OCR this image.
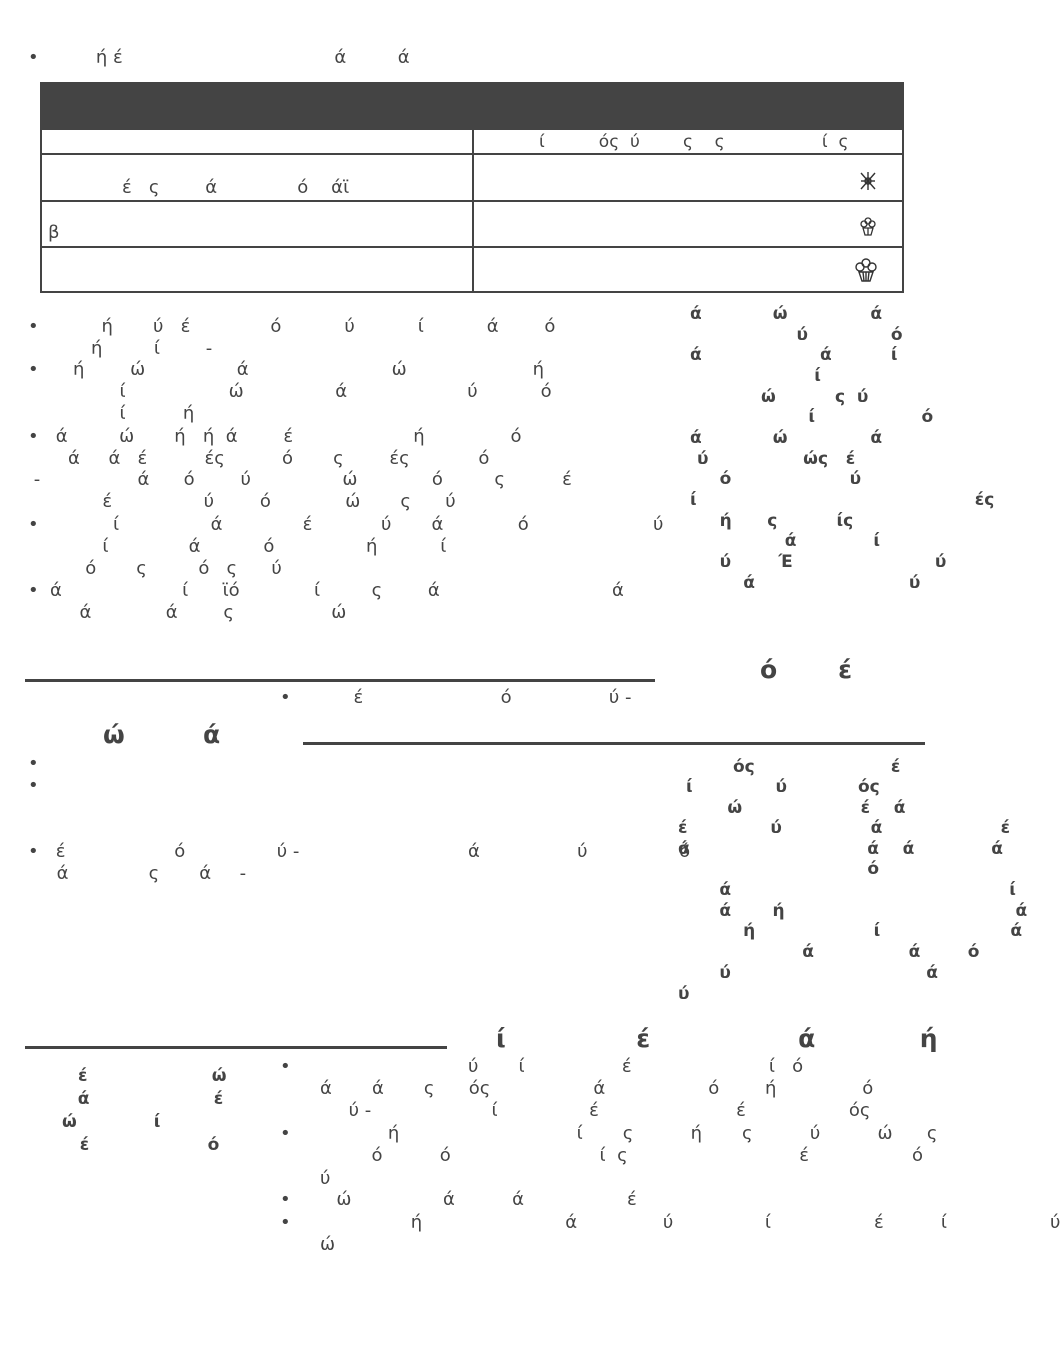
•          ή έ                                     ά         ά
ί          ός  ύ        ς    ς                  ί  ς
έ   ς        ά              ό    άϊ
β
•           ή       ύ   έ              ό           ύ           ί           ά        ό
ή         ί        -
•      ή        ώ                ά                         ώ                      ή
ί                  ώ                ά                     ύ           ό
ί          ή
•   ά         ώ       ή   ή  ά        έ                     ή               ό
ά     ά   έ          ές          ό       ς        ές            ό
-                 ά      ό        ύ                ώ             ό         ς          έ
έ                ύ        ό             ώ       ς      ύ
•             ί                ά              έ            ύ       ά             ό
ί              ά           ό                ή           ί
ό       ς         ό   ς      ύ
•  ά                     ί      ϊό             ί         ς        ά
ύ
ά
ά             ά        ς                 ώ
ά            ώ              ά
ύ              ό
ά                    ά          ί
ί
ώ          ς  ύ
ί                  ό
ά            ώ              ά
ύ                ώς   έ
ό                    ύ
ί                                               ές
ή      ς          ίς
ά             ί
ύ        Έ                        ύ
ά                          ύ
ό       έ
•           έ                        ό                 ύ -
ώ         ά
•
•
•   έ                   ό                ύ -
ά              ς       ά     -
ά                 ύ                ό
ός                       έ
ί              ύ            ός
ώ                    έ    ά
έ              ύ               ά                    έ
ά                              ά    ά             ά
ό
ά                                               ί
ά       ή                                       ά
ή                    ί                      ά
ά                ά        ό
ύ                                 ά
ύ
ί               έ                 ά            ή
έ                     ώ
ά                     έ
ώ             ί
έ                    ό
•                               ύ       ί                 έ                        ί   ό
ά       ά       ς      ός                  ά                  ό        ή               ό
ύ -                     ί                έ                        έ                  ός
•                 ή                               ί       ς          ή       ς          ύ          ώ      ς
ό          ό                          ί  ς                              έ                  ό
ύ
•        ώ                ά          ά                  έ
•                     ή                         ά               ύ                ί                  έ          ί                  ύ
ώ
